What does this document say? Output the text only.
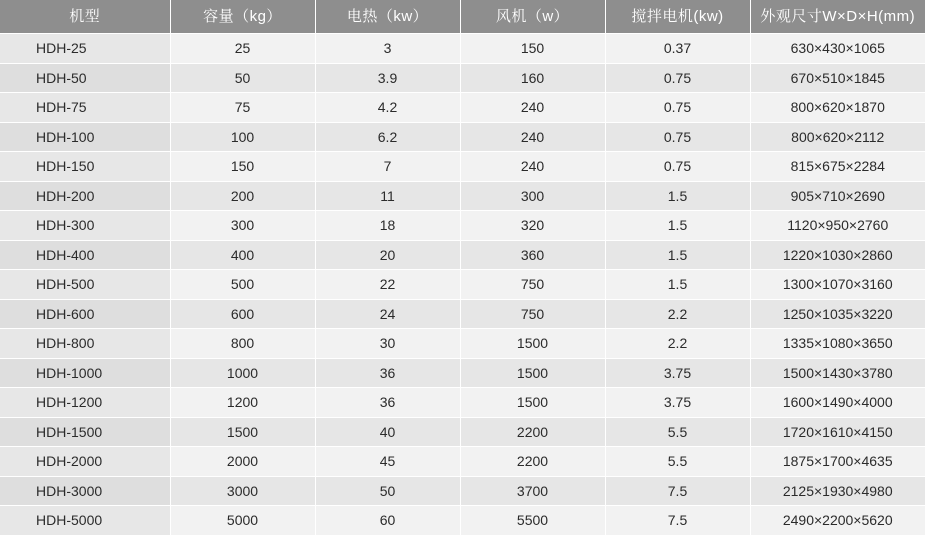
机型	容量（kg）	电热（kw）	风机（w）	搅拌电机(kw)	外观尺寸W×D×H(mm)
HDH-25	25	3	150	0.37	630×430×1065
HDH-50	50	3.9	160	0.75	670×510×1845
HDH-75	75	4.2	240	0.75	800×620×1870
HDH-100	100	6.2	240	0.75	800×620×2112
HDH-150	150	7	240	0.75	815×675×2284
HDH-200	200	11	300	1.5	905×710×2690
HDH-300	300	18	320	1.5	1120×950×2760
HDH-400	400	20	360	1.5	1220×1030×2860
HDH-500	500	22	750	1.5	1300×1070×3160
HDH-600	600	24	750	2.2	1250×1035×3220
HDH-800	800	30	1500	2.2	1335×1080×3650
HDH-1000	1000	36	1500	3.75	1500×1430×3780
HDH-1200	1200	36	1500	3.75	1600×1490×4000
HDH-1500	1500	40	2200	5.5	1720×1610×4150
HDH-2000	2000	45	2200	5.5	1875×1700×4635
HDH-3000	3000	50	3700	7.5	2125×1930×4980
HDH-5000	5000	60	5500	7.5	2490×2200×5620
